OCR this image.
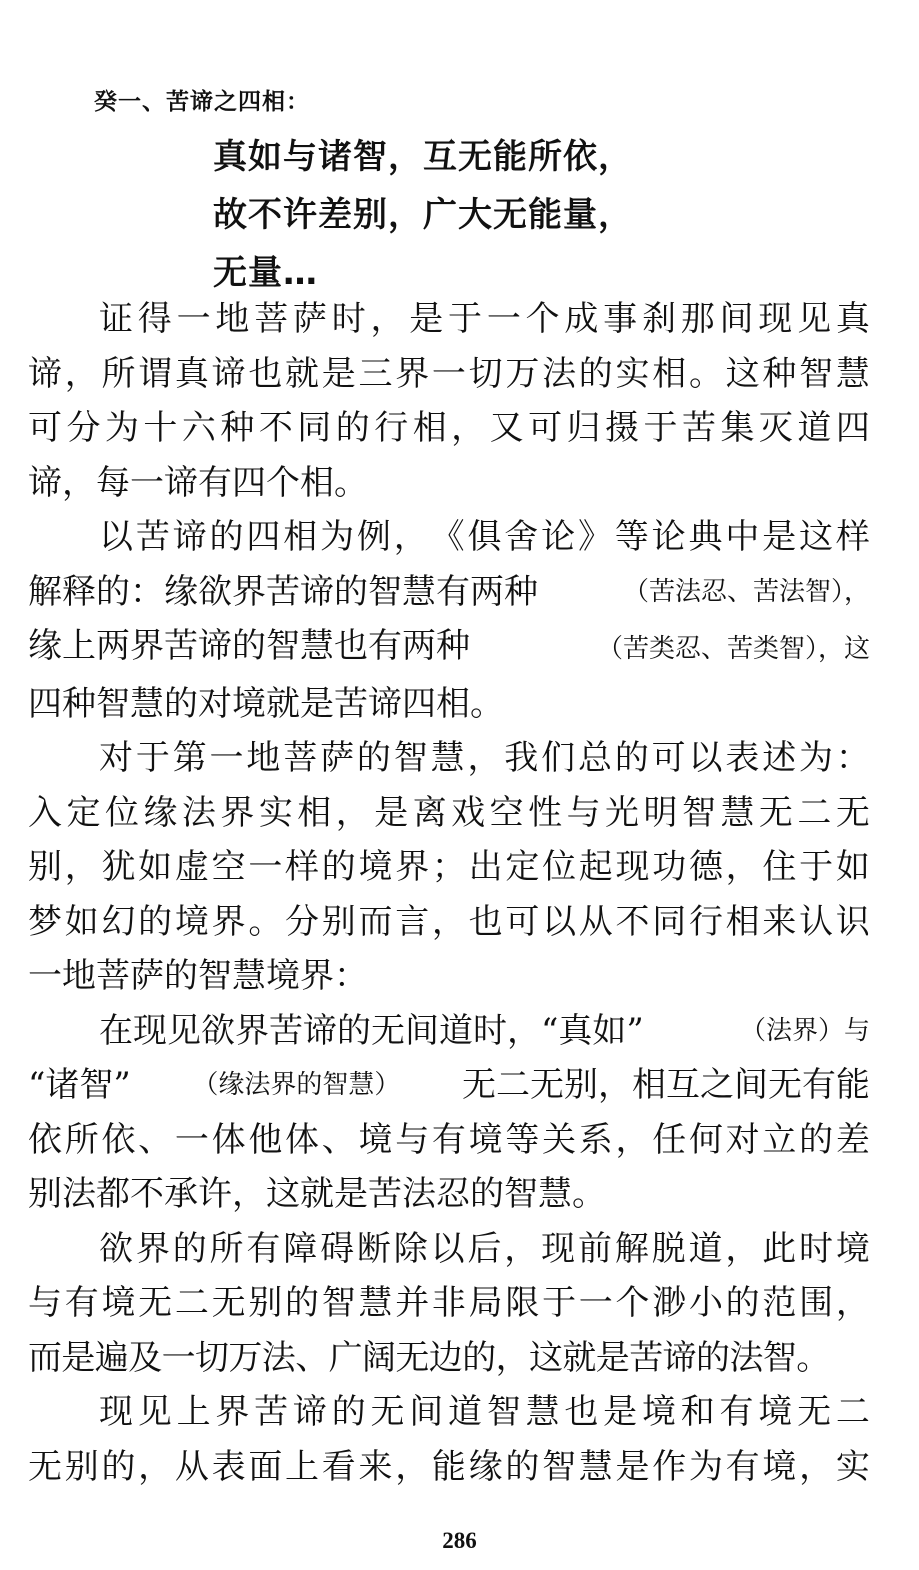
癸一、苦谛之四相：
真如与诸智，互无能所依，
故不许差别，广大无能量，
无量…
证 得 一 地 菩 萨 时 ， 是 于 一 个 成 事 刹 那 间 现 见 真
谛 ， 所 谓 真 谛 也 就 是 三 界 一 切 万 法 的 实 相 。 这 种 智 慧
可 分 为 十 六 种 不 同 的 行 相 ， 又 可 归 摄 于 苦 集 灭 道 四
谛，每一谛有四个相。
以 苦 谛 的 四 相 为 例 ， 《 俱 舍 论 》 等 论 典 中 是 这 样
解释的：缘欲界苦谛的智慧有两种	（苦法忍、苦法智），
缘上两界苦谛的智慧也有两种	（苦类忍、苦类智），这
四种智慧的对境就是苦谛四相。
对 于 第 一 地 菩 萨 的 智 慧 ， 我 们 总 的 可 以 表 述 为 ：
入 定 位 缘 法 界 实 相 ， 是 离 戏 空 性 与 光 明 智 慧 无 二 无
别 ， 犹 如 虚 空 一 样 的 境 界 ； 出 定 位 起 现 功 德 ， 住 于 如
梦 如 幻 的 境 界 。 分 别 而 言 ， 也 可 以 从 不 同 行 相 来 认 识
一地菩萨的智慧境界：
在现见欲界苦谛的无间道时，“真如”	（法界）与
“诸智” （缘法界的智慧） 无二无别，相互之间无有能
依 所 依 、 一 体 他 体 、 境 与 有 境 等 关 系 ， 任 何 对 立 的 差
别法都不承许，这就是苦法忍的智慧。
欲 界 的 所 有 障 碍 断 除 以 后 ， 现 前 解 脱 道 ， 此 时 境
与 有 境 无 二 无 别 的 智 慧 并 非 局 限 于 一 个 渺 小 的 范 围 ，
而是遍及一切万法、广阔无边的，这就是苦谛的法智。
现 见 上 界 苦 谛 的 无 间 道 智 慧 也 是 境 和 有 境 无 二
无 别 的 ， 从 表 面 上 看 来 ， 能 缘 的 智 慧 是 作 为 有 境 ， 实
286
